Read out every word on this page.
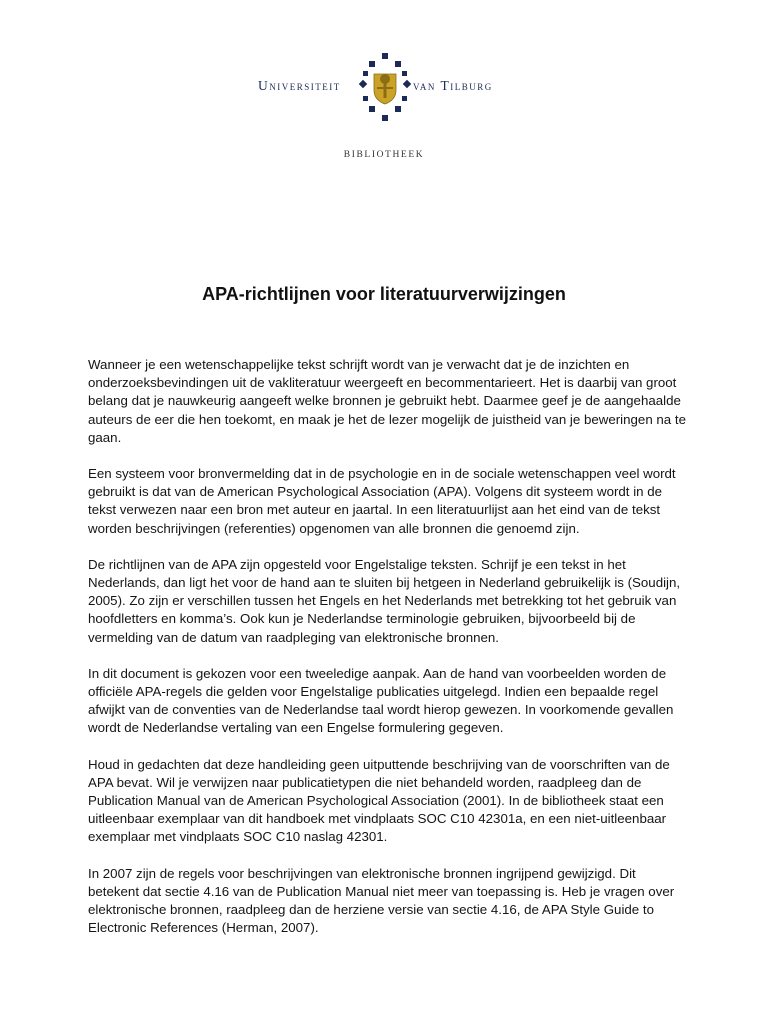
Universiteit	van Tilburg
BIBLIOTHEEK
APA-richtlijnen voor literatuurverwijzingen

Wanneer je een wetenschappelijke tekst schrijft wordt van je verwacht dat je de inzichten en onderzoeksbevindingen uit de vakliteratuur weergeeft en becommentarieert. Het is daarbij van groot belang dat je nauwkeurig aangeeft welke bronnen je gebruikt hebt. Daarmee geef je de aangehaalde auteurs de eer die hen toekomt, en maak je het de lezer mogelijk de juistheid van je beweringen na te gaan.

Een systeem voor bronvermelding dat in de psychologie en in de sociale wetenschappen veel wordt gebruikt is dat van de American Psychological Association (APA). Volgens dit systeem wordt in de tekst verwezen naar een bron met auteur en jaartal. In een literatuurlijst aan het eind van de tekst worden beschrijvingen (referenties) opgenomen van alle bronnen die genoemd zijn.

De richtlijnen van de APA zijn opgesteld voor Engelstalige teksten. Schrijf je een tekst in het Nederlands, dan ligt het voor de hand aan te sluiten bij hetgeen in Nederland gebruikelijk is (Soudijn, 2005). Zo zijn er verschillen tussen het Engels en het Nederlands met betrekking tot het gebruik van hoofdletters en komma’s. Ook kun je Nederlandse terminologie gebruiken, bijvoorbeeld bij de vermelding van de datum van raadpleging van elektronische bronnen.

In dit document is gekozen voor een tweeledige aanpak. Aan de hand van voorbeelden worden de officiële APA-regels die gelden voor Engelstalige publicaties uitgelegd. Indien een bepaalde regel afwijkt van de conventies van de Nederlandse taal wordt hierop gewezen. In voorkomende gevallen wordt de Nederlandse vertaling van een Engelse formulering gegeven.

Houd in gedachten dat deze handleiding geen uitputtende beschrijving van de voorschriften van de APA bevat. Wil je verwijzen naar publicatietypen die niet behandeld worden, raadpleeg dan de Publication Manual van de American Psychological Association (2001). In de bibliotheek staat een uitleenbaar exemplaar van dit handboek met vindplaats SOC C10 42301a, en een niet-uitleenbaar exemplaar met vindplaats SOC C10 naslag 42301.

In 2007 zijn de regels voor beschrijvingen van elektronische bronnen ingrijpend gewijzigd. Dit betekent dat sectie 4.16 van de Publication Manual niet meer van toepassing is. Heb je vragen over elektronische bronnen, raadpleeg dan de herziene versie van sectie 4.16, de APA Style Guide to Electronic References (Herman, 2007).
